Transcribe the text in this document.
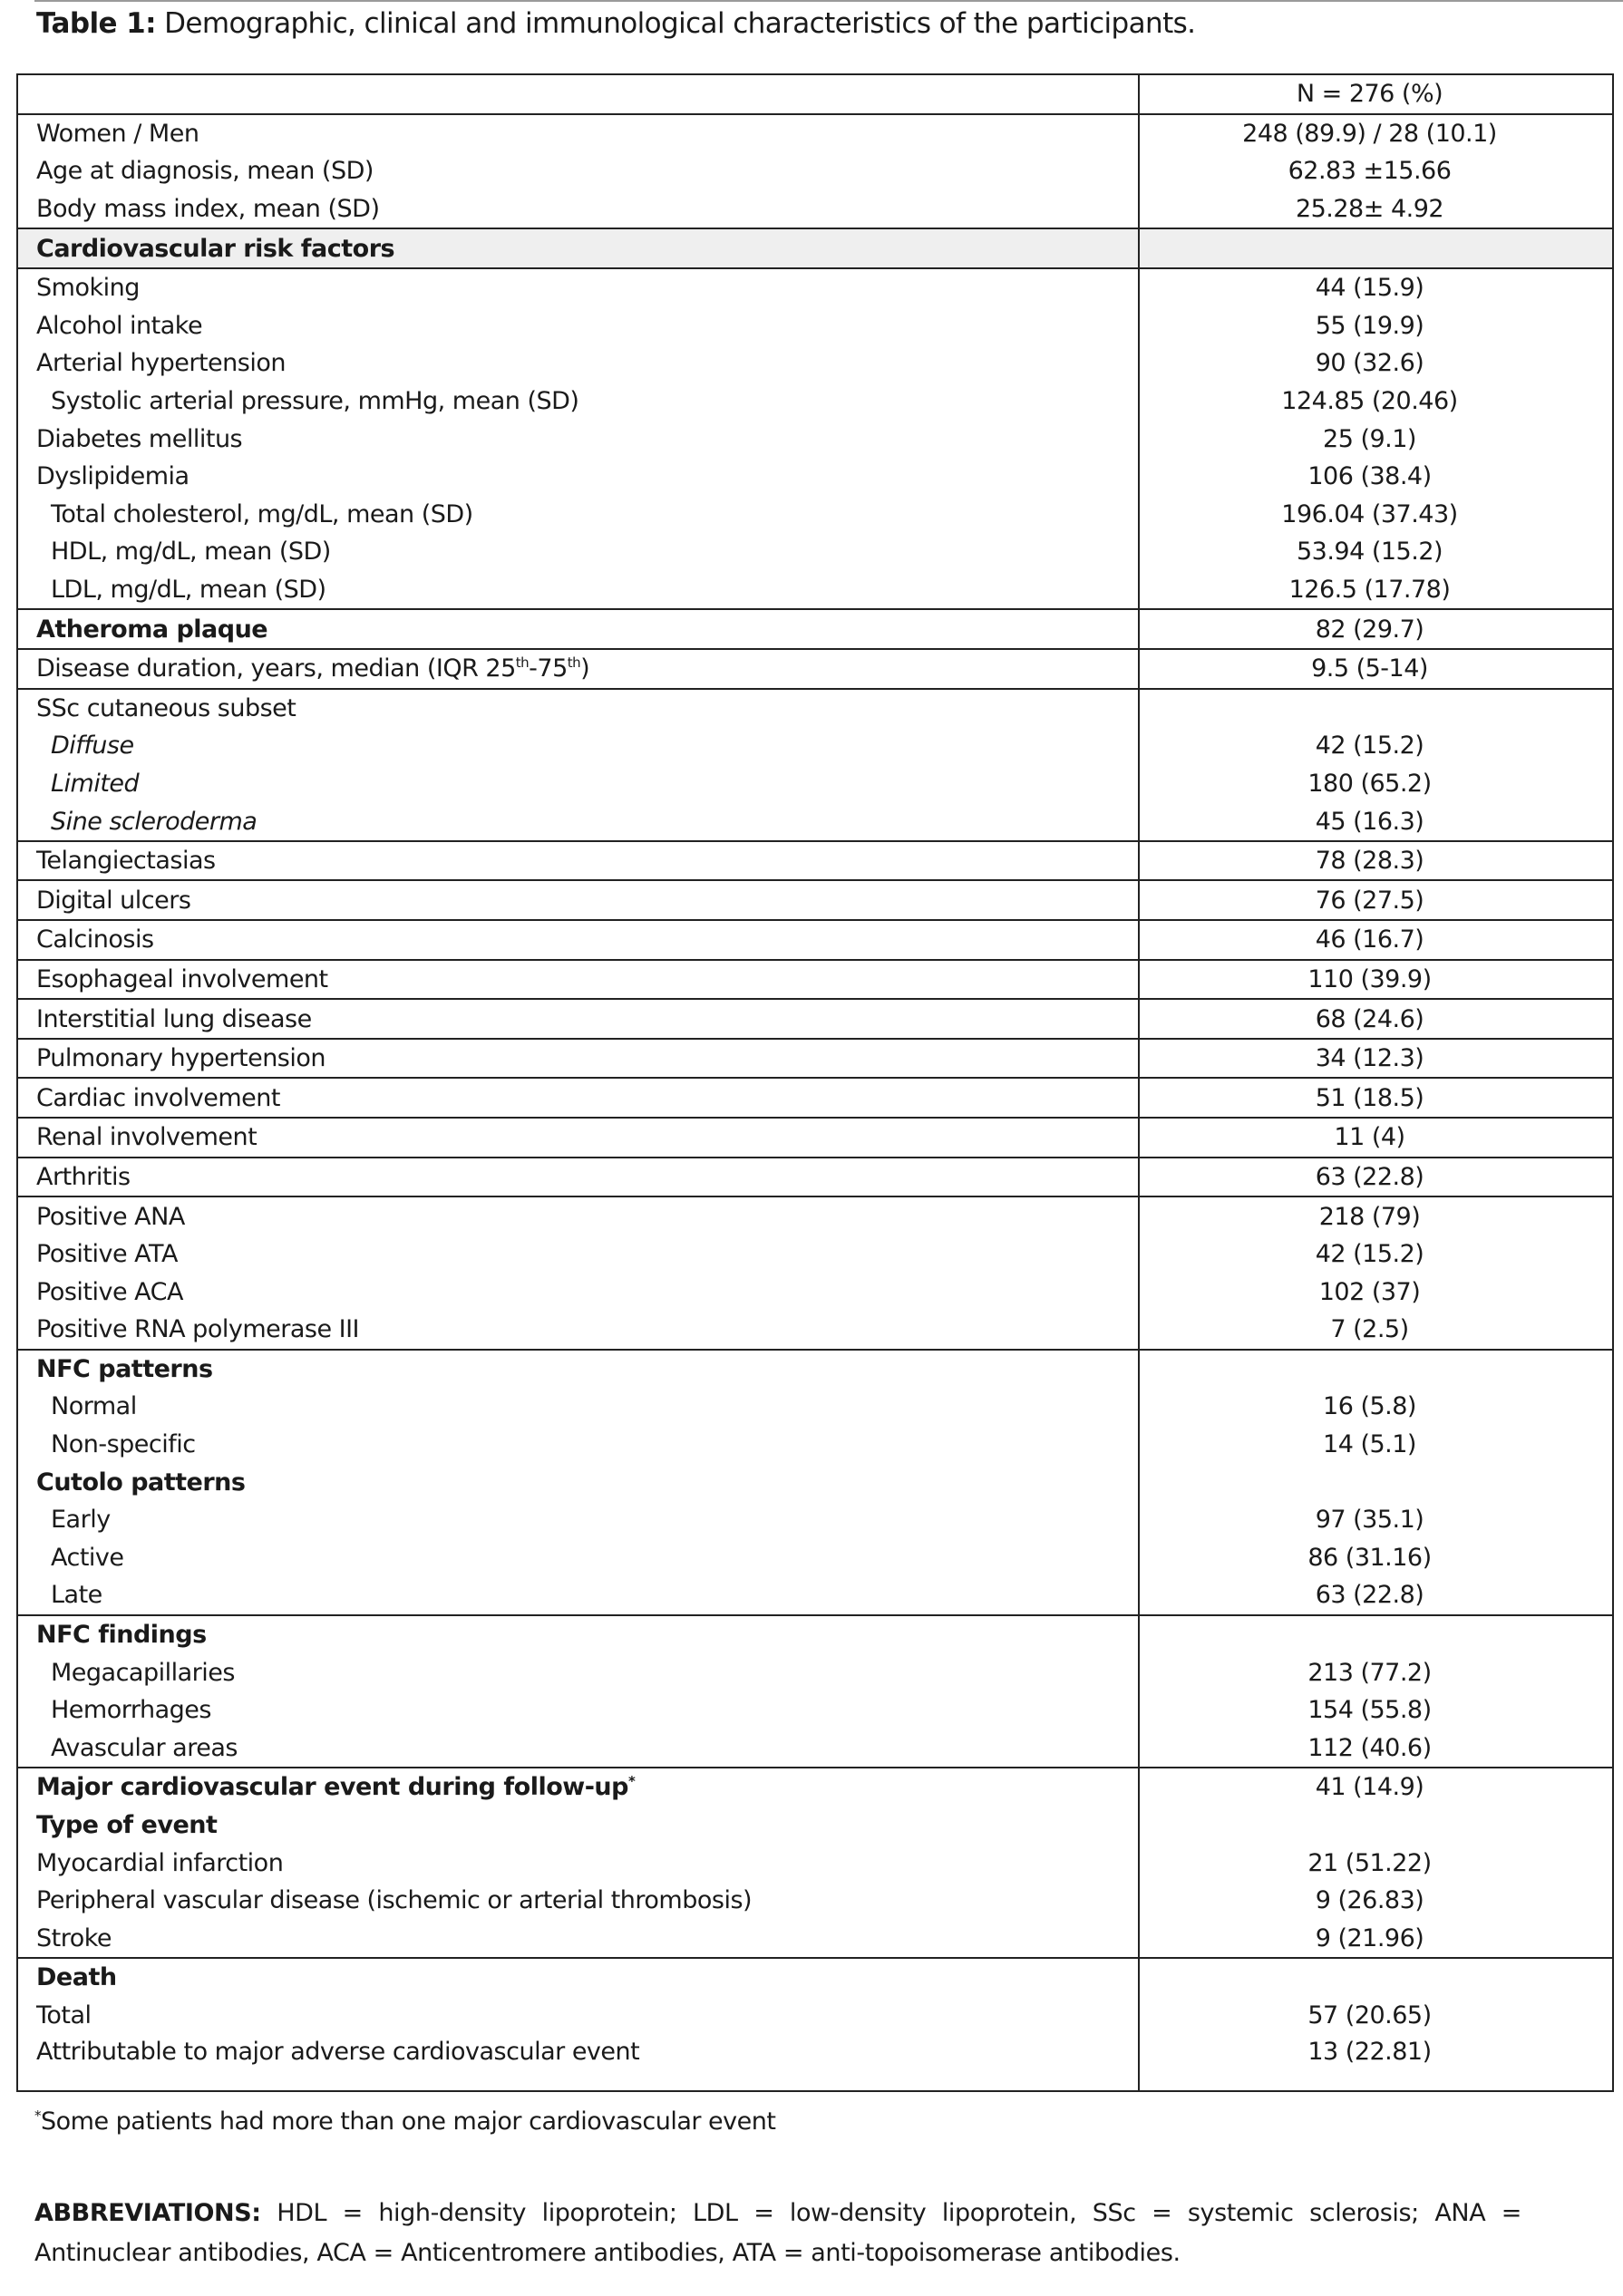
Table 1: Demographic, clinical and immunological characteristics of the participants.
	N = 276 (%)
Women / Men	248 (89.9) / 28 (10.1)
Age at diagnosis, mean (SD)	62.83 ±15.66
Body mass index, mean (SD)	25.28± 4.92
Cardiovascular risk factors	
Smoking	44 (15.9)
Alcohol intake	55 (19.9)
Arterial hypertension	90 (32.6)
Systolic arterial pressure, mmHg, mean (SD)	124.85 (20.46)
Diabetes mellitus	25 (9.1)
Dyslipidemia	106 (38.4)
Total cholesterol, mg/dL, mean (SD)	196.04 (37.43)
HDL, mg/dL, mean (SD)	53.94 (15.2)
LDL, mg/dL, mean (SD)	126.5 (17.78)
Atheroma plaque	82 (29.7)
Disease duration, years, median (IQR 25th-75th)	9.5 (5-14)
SSc cutaneous subset	
Diffuse	42 (15.2)
Limited	180 (65.2)
Sine scleroderma	45 (16.3)
Telangiectasias	78 (28.3)
Digital ulcers	76 (27.5)
Calcinosis	46 (16.7)
Esophageal involvement	110 (39.9)
Interstitial lung disease	68 (24.6)
Pulmonary hypertension	34 (12.3)
Cardiac involvement	51 (18.5)
Renal involvement	11 (4)
Arthritis	63 (22.8)
Positive ANA	218 (79)
Positive ATA	42 (15.2)
Positive ACA	102 (37)
Positive RNA polymerase III	7 (2.5)
NFC patterns	
Normal	16 (5.8)
Non-specific	14 (5.1)
Cutolo patterns	
Early	97 (35.1)
Active	86 (31.16)
Late	63 (22.8)
NFC findings	
Megacapillaries	213 (77.2)
Hemorrhages	154 (55.8)
Avascular areas	112 (40.6)
Major cardiovascular event during follow-up*	41 (14.9)
Type of event	
Myocardial infarction	21 (51.22)
Peripheral vascular disease (ischemic or arterial thrombosis)	9 (26.83)
Stroke	9 (21.96)
Death	
Total	57 (20.65)
Attributable to major adverse cardiovascular event	13 (22.81)
*Some patients had more than one major cardiovascular event
ABBREVIATIONS: HDL = high-density lipoprotein; LDL = low-density lipoprotein, SSc = systemic sclerosis; ANA = Antinuclear antibodies, ACA = Anticentromere antibodies, ATA = anti-topoisomerase antibodies.
